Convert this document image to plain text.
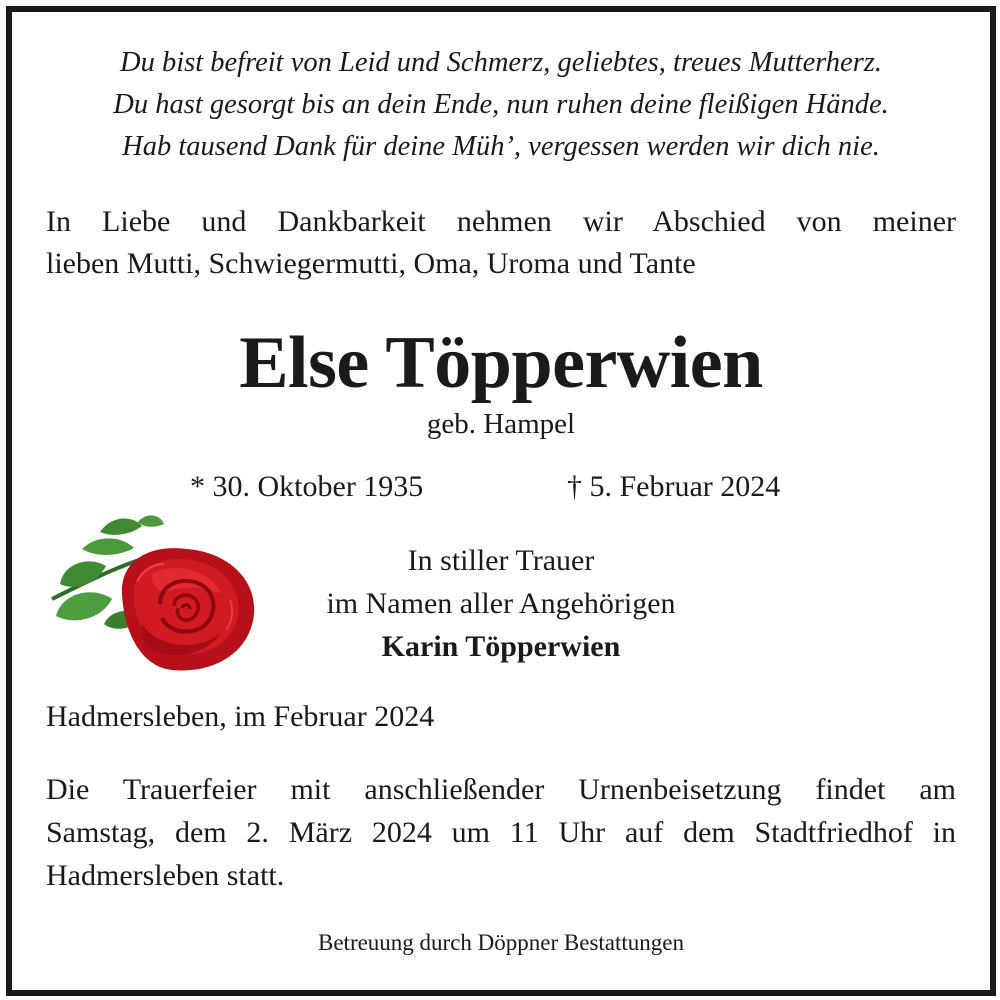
Du bist befreit von Leid und Schmerz, geliebtes, treues Mutterherz.
Du hast gesorgt bis an dein Ende, nun ruhen deine fleißigen Hände.
Hab tausend Dank für deine Müh’, vergessen werden wir dich nie.
In Liebe und Dankbarkeit nehmen wir Abschied von meiner
lieben Mutti, Schwiegermutti, Oma, Uroma und Tante
Else Töpperwien
geb. Hampel
* 30. Oktober 1935	† 5. Februar 2024
In stiller Trauer
im Namen aller Angehörigen
Karin Töpperwien
Hadmersleben, im Februar 2024
Die Trauerfeier mit anschließender Urnenbeisetzung findet am
Samstag, dem 2. März 2024 um 11 Uhr auf dem Stadtfriedhof in
Hadmersleben statt.
Betreuung durch Döppner Bestattungen
